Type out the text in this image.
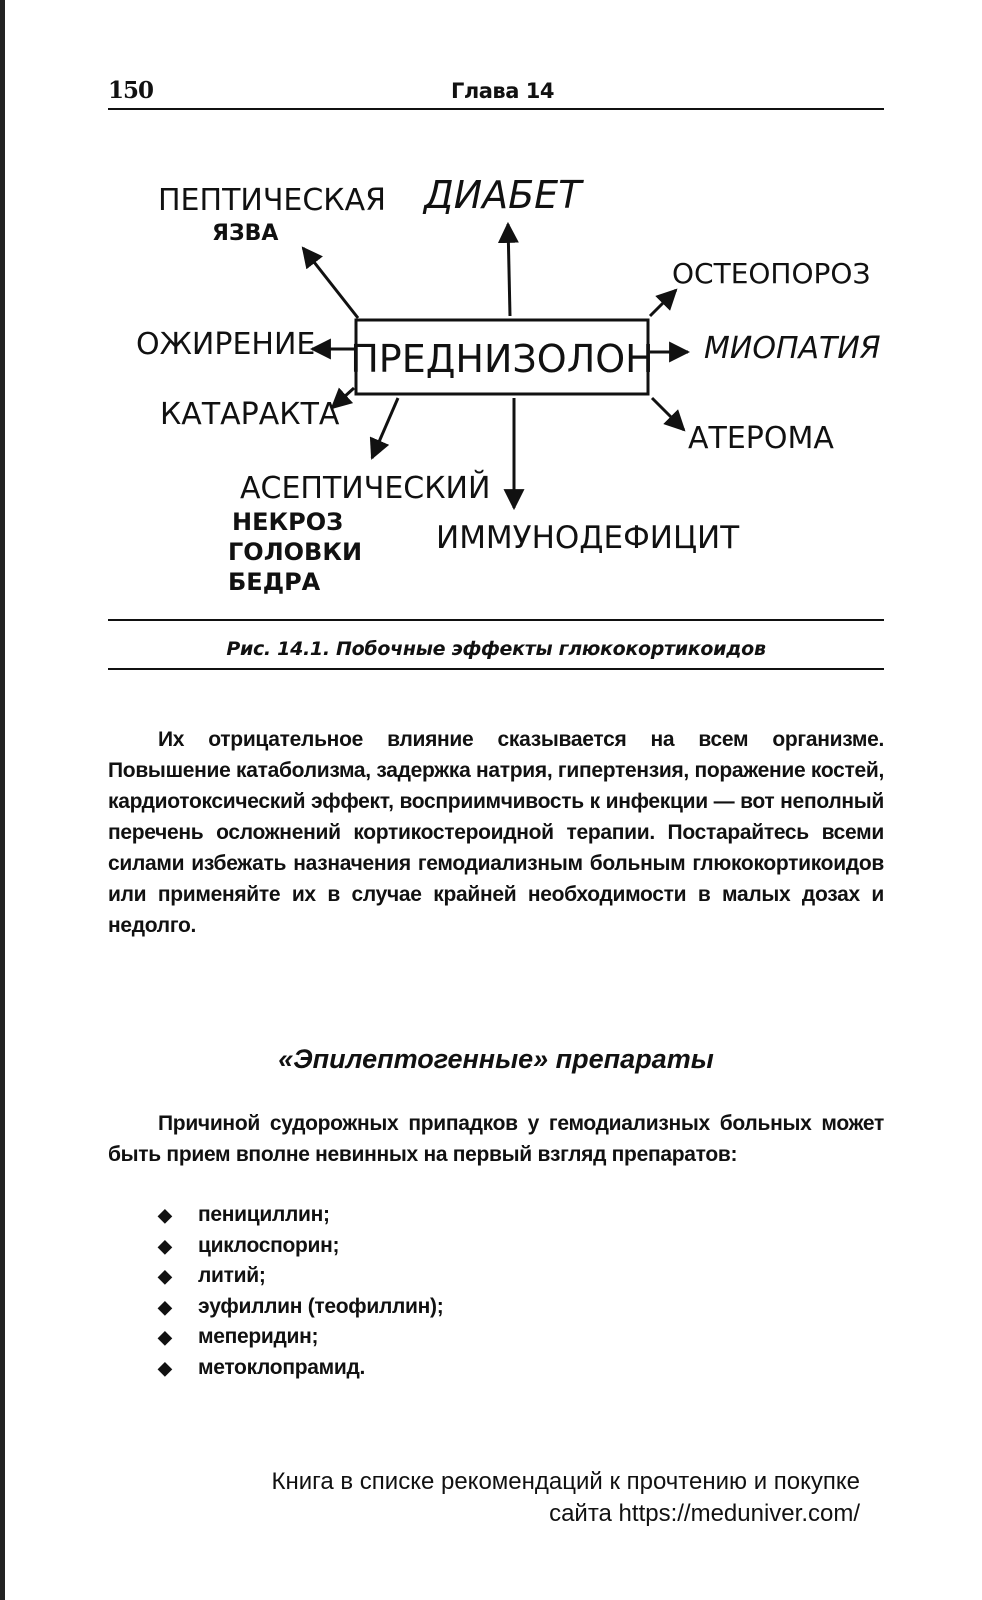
150	Глава 14
ПРЕДНИЗОЛОН
ПЕПТИЧЕСКАЯ
ЯЗВА
ДИАБЕТ
ОСТЕОПОРОЗ
ОЖИРЕНИЕ	МИОПАТИЯ
КАТАРАКТА
АТЕРОМА
АСЕПТИЧЕСКИЙ
НЕКРОЗ
ГОЛОВКИ
БЕДРА
ИММУНОДЕФИЦИТ
Рис. 14.1. Побочные эффекты глюкокортикоидов

Их отрицательное влияние сказывается на всем организме. Повышение катаболизма, задержка натрия, гипертензия, поражение костей, кардиотоксический эффект, восприимчивость к инфекции — вот неполный перечень осложнений кортикостероидной терапии. Постарайтесь всеми силами избежать назначения гемодиализным больным глюкокортикоидов или применяйте их в случае крайней необходимости в малых дозах и недолго.

«Эпилептогенные» препараты

Причиной судорожных припадков у гемодиализных больных может быть прием вполне невинных на первый взгляд препаратов:

◆ пенициллин;
◆ циклоспорин;
◆ литий;
◆ эуфиллин (теофиллин);
◆ меперидин;
◆ метоклопрамид.
Книга в списке рекомендаций к прочтению и покупке
сайта https://meduniver.com/
